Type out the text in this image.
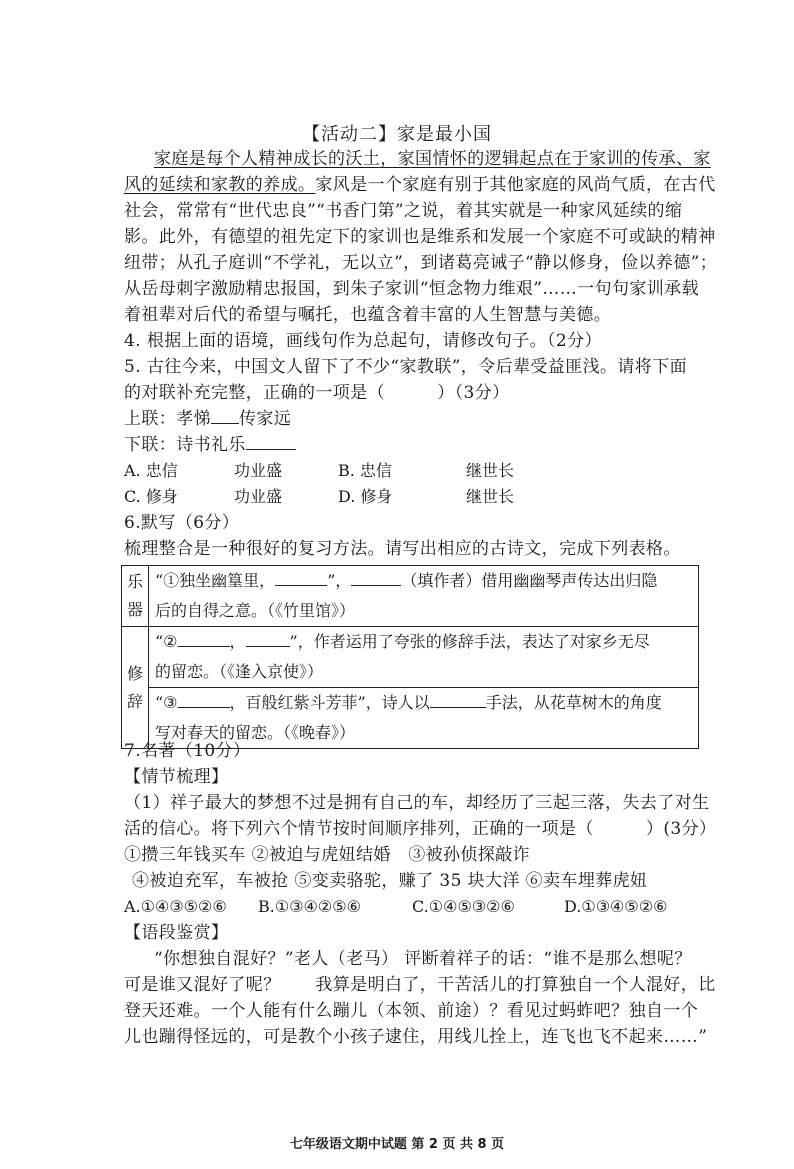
【活动二】家是最小国
家庭是每个人精神成长的沃土，家国情怀的逻辑起点在于家训的传承、家
风的延续和家教的养成。家风是一个家庭有别于其他家庭的风尚气质，在古代
社会，常常有“世代忠良”“书香门第”之说，着其实就是一种家风延续的缩
影。此外，有德望的祖先定下的家训也是维系和发展一个家庭不可或缺的精神
纽带；从孔子庭训“不学礼，无以立”，到诸葛亮诫子“静以修身，俭以养德”；
从岳母刺字激励精忠报国，到朱子家训“恒念物力维艰”……一句句家训承载
着祖辈对后代的希望与嘱托，也蕴含着丰富的人生智慧与美德。
4. 根据上面的语境，画线句作为总起句，请修改句子。（2分）
5. 古往今来，中国文人留下了不少“家教联”，令后辈受益匪浅。请将下面
的对联补充完整，正确的一项是（　　　）（3分）
上联：孝悌 传家远
下联：诗书礼乐
A. 忠信	功业盛	B. 忠信	继世长
C. 修身	功业盛	D. 修身	继世长
6.默写（6分）
梳理整合是一种很好的复习方法。请写出相应的古诗文，完成下列表格。
乐器	“①独坐幽篁里， ”， （填作者）借用幽幽琴声传达出归隐
后的自得之意。（《竹里馆》）

修辞	“② ， ”，作者运用了夸张的修辞手法，表达了对家乡无尽
的留恋。（《逢入京使》）

	“③ ，百般红紫斗芳菲”，诗人以 手法，从花草树木的角度
写对春天的留恋。（《晚春》）
7.名著（10分）
【情节梳理】
（1）祥子最大的梦想不过是拥有自己的车，却经历了三起三落，失去了对生
活的信心。将下列六个情节按时间顺序排列，正确的一项是（　　　）(3分）
①攒三年钱买车 ②被迫与虎妞结婚　③被孙侦探敲诈
④被迫充军，车被抢 ⑤变卖骆驼，赚了 35 块大洋 ⑥卖车埋葬虎妞
A.①④③⑤②⑥ B.①③④②⑤⑥	C.①④⑤③②⑥	D.①③④⑤②⑥
【语段鉴赏】
“你想独自混好？”老人（老马） 评断着祥子的话：“谁不是那么想呢？
可是谁又混好了呢？　　我算是明白了，干苦活儿的打算独自一个人混好，比
登天还难。一个人能有什么蹦儿（本领、前途）？看见过蚂蚱吧？独自一个
儿也蹦得怪远的，可是教个小孩子逮住，用线儿拴上，连飞也飞不起来……”
七年级语文期中试题 第 2 页 共 8 页
